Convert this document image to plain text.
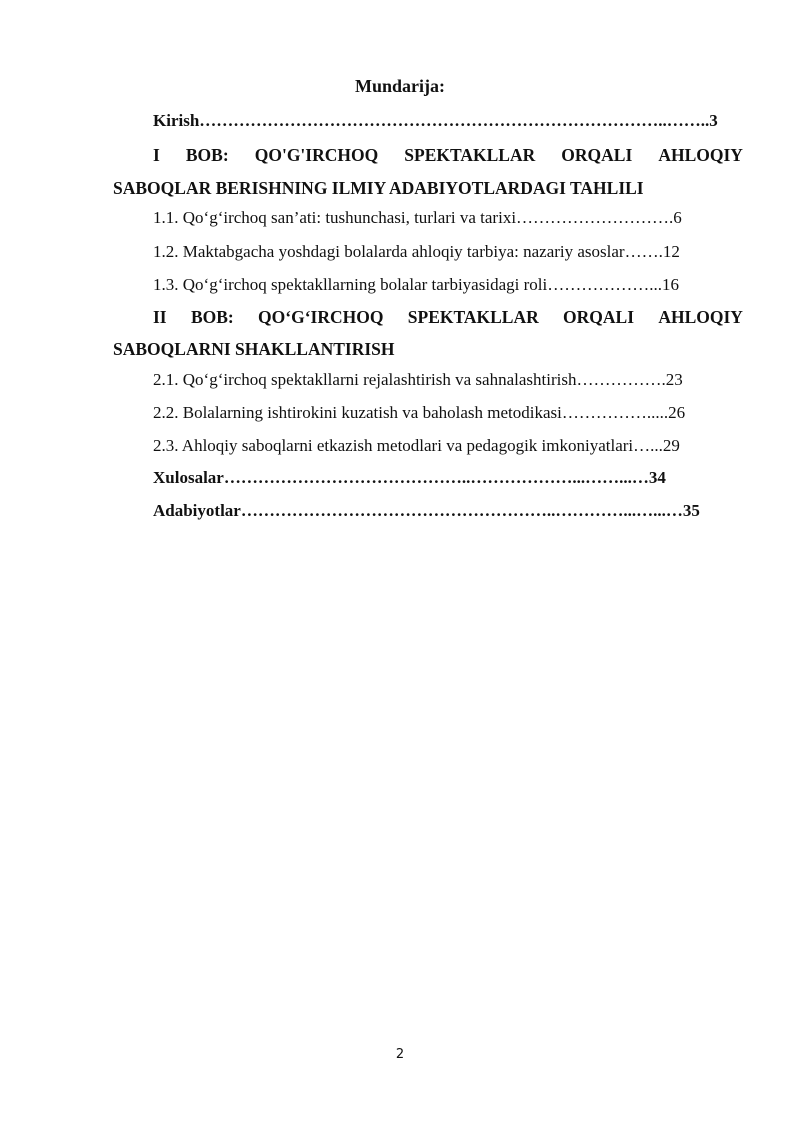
Mundarija:
Kirish………………………………………………………………………..……..3
I BOB: QO'G'IRCHOQ SPEKTAKLLAR ORQALI AHLOQIY
SABOQLAR BERISHNING ILMIY ADABIYOTLARDAGI TAHLILI
1.1. Qo‘g‘irchoq san’ati: tushunchasi, turlari va tarixi……………………….6
1.2. Maktabgacha yoshdagi bolalarda ahloqiy tarbiya: nazariy asoslar…….12
1.3. Qo‘g‘irchoq spektakllarning bolalar tarbiyasidagi roli………………...16
II BOB: QO‘G‘IRCHOQ SPEKTAKLLAR ORQALI AHLOQIY
SABOQLARNI SHAKLLANTIRISH
2.1. Qo‘g‘irchoq spektakllarni rejalashtirish va sahnalashtirish…………….23
2.2. Bolalarning ishtirokini kuzatish va baholash metodikasi…………….....26
2.3. Ahloqiy saboqlarni etkazish metodlari va pedagogik imkoniyatlari…...29
Xulosalar……………………………………..………………...……...…34
Adabiyotlar………………………………………………..…………...…...…35
2
